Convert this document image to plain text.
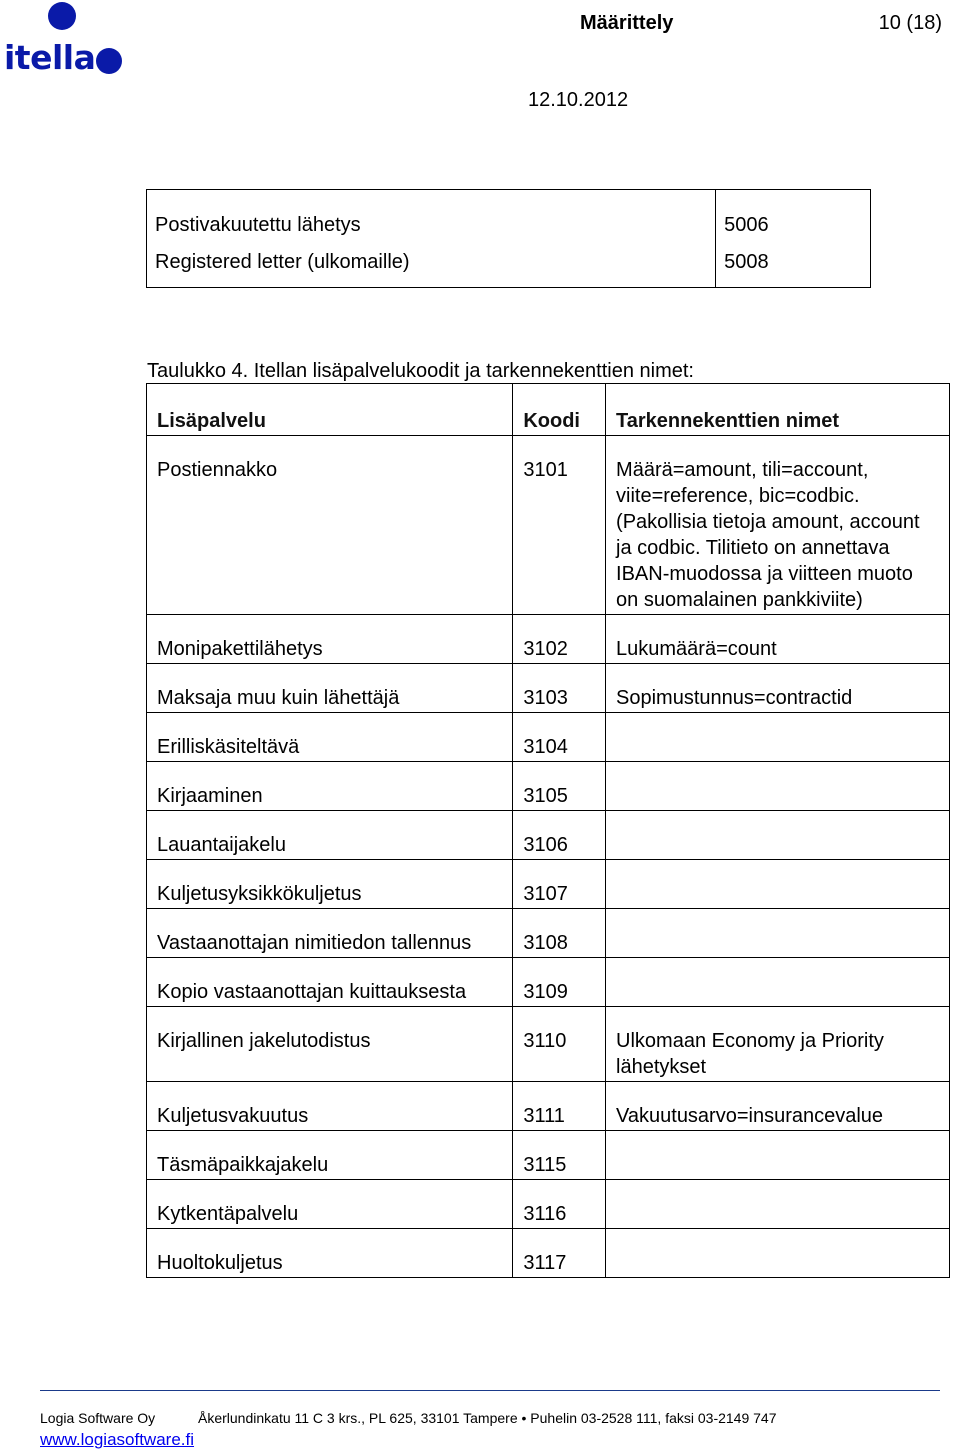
itella
Määrittely	10 (18)
12.10.2012
Postivakuutettu lähetys	5006
Registered letter (ulkomaille)	5008
Taulukko 4. Itellan lisäpalvelukoodit ja tarkennekenttien nimet:
Lisäpalvelu	Koodi	Tarkennekenttien nimet
Postiennakko	3101	Määrä=amount, tili=account, viite=reference, bic=codbic. (Pakollisia tietoja amount, account ja codbic. Tilitieto on annettava IBAN-muodossa ja viitteen muoto on suomalainen pankkiviite)
Monipakettilähetys	3102	Lukumäärä=count
Maksaja muu kuin lähettäjä	3103	Sopimustunnus=contractid
Erilliskäsiteltävä	3104	
Kirjaaminen	3105	
Lauantaijakelu	3106	
Kuljetusyksikkökuljetus	3107	
Vastaanottajan nimitiedon tallennus	3108	
Kopio vastaanottajan kuittauksesta	3109	
Kirjallinen jakelutodistus	3110	Ulkomaan Economy ja Priority lähetykset
Kuljetusvakuutus	3111	Vakuutusarvo=insurancevalue
Täsmäpaikkajakelu	3115	
Kytkentäpalvelu	3116	
Huoltokuljetus	3117	
Logia Software Oy	Åkerlundinkatu 11 C 3 krs., PL 625, 33101 Tampere • Puhelin 03-2528 111, faksi 03-2149 747
www.logiasoftware.fi
